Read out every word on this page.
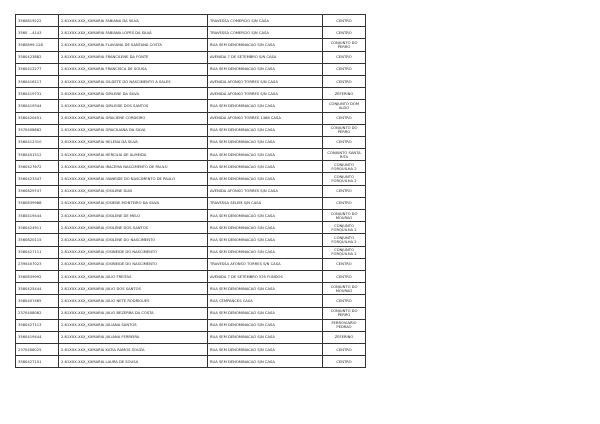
3560819222	2.61XXX.XXX_XXMARIA FABIANA DA SILVA	TRAVESSA COMERCIO S/N CASA	CENTRO
3560 ...4143	2.61XXX.XXX_XXMARIA FABIANA LOPES DA SILVA	TRAVESSA COMERCIO S/N CASA	CENTRO
3580899-128	2.61XXX.XXX_XXMARIA FLAVIANA DE SANTANA COSTA	RUA SEM DENOMINACAO S/N CASA	CONJUNTO DO PERRO
3580423882	2.61XXX.XXX_XXMARIA FRANCILENE DA FONTE	AVENIDA 7 DE SETEMBRO S/N CASA	CENTRO
3560412277	2.61XXX.XXX_XXMARIA FRANCISCA DE SOUSA	RUA SEM DENOMINACAO S/N CASA	CENTRO
3560416117	2.61XXX.XXX_XXMARIA GILDETE DO NASCIMENTO A SALES	AVENIDA AFONSO TORRES S/N CASA	CENTRO
3560419731	2.61XXX.XXX_XXMARIA GIRLENE DA SILVA	AVENIDA AFONSO TORRES S/N CASA	ZEFERINO
3560419344	2.61XXX.XXX_XXMARIA GIRLEIDE DOS SANTOS	RUA SEM DENOMINACAO S/N CASA	CONJUNTO DOM ALDO
3580420451	2.61XXX.XXX_XXMARIA GRACIENE CORDEIRO	AVENIDA AFONSO TORRES 1468 CASA	CENTRO
3570408662	2.61XXX.XXX_XXMARIA GRACILIANA DA SILVA	RUA SEM DENOMINACAO S/N CASA	CONJUNTO DO PERRO
3560412310	2.61XXX.XXX_XXMARIA HELENA DA SILVA	RUA SEM DENOMINACAO S/N CASA	CENTRO
3580451512	2.61XXX.XXX_XXMARIA HERCILIA DE ALMEIDA	RUA SEM DENOMINACAO S/N CASA	CONJUNTO SANTA RITA
3560427672	2.61XXX.XXX_XXMARIA IRACEMA NASCIMENTO DE PAULO	RUA SEM DENOMINACAO S/N CASA	CONJUNTO FORQUILHA 2
3560423347	2.61XXX.XXX_XXMARIA IVANEIDE DO NASCIMENTO DE PAULO	RUA SEM DENOMINACAO S/N CASA	CONJUNTO FORQUILHA 2
3560829747	2.61XXX.XXX_XXMARIA JOSILENE DIAS	AVENIDA AFONSO TORRES S/N CASA	CENTRO
3580839988	2.61XXX.XXX_XXMARIA JOSIENE MONTEIRO DA SILVA	TRAVESSA SELEM S/N CASA	CENTRO
3580419444	2.61XXX.XXX_XXMARIA JOSILENE DE MELO	RUA SEM DENOMINACAO S/N CASA	CONJUNTO DO MOURAO
3580424911	2.61XXX.XXX_XXMARIA JOSILENE DOS SANTOS	RUA SEM DENOMINACAO S/N CASA	CONJUNTO FORQUILHA 2
3560820115	2.61XXX.XXX_XXMARIA JOSILENE DO NASCIMENTO	RUA SEM DENOMINACAO S/N CASA	CONJUNTO FORQUILHA 2
3580427111	2.61XXX.XXX_XXMARIA JOSINEIDE DO NASCIMENTO	RUA SEM DENOMINACAO S/N CASA	CONJUNTO FORQUILHA 2
2390407023	2.61XXX.XXX_XXMARIA JOSINEIDE DO NASCIMENTO	TRAVESSA AFONSO TORRES S/N CASA	CENTRO
3560839992	2.61XXX.XXX_XXMARIA JULIO FREITAS	AVENIDA 7 DE SETEMBRO 535 FUNDOS	CENTRO
3580425444	2.61XXX.XXX_XXMARIA JULIO DOS SANTOS	RUA SEM DENOMINACAO S/N CASA	CONJUNTO DO MOURAO
3580407465	2.61XXX.XXX_XXMARIA JULIO NETE RODRIGUES	RUA CEMPANCES CASA	CENTRO
2370408062	2.61XXX.XXX_XXMARIA JULIO BEZERRA DA COSTA	RUA SEM DENOMINACAO S/N CASA	CONJUNTO DO PERRO
3580427113	2.61XXX.XXX_XXMARIA JULIANA SANTOS	RUA SEM DENOMINACAO S/N CASA	FERROVIARIO PEDRAO
3560419444	2.61XXX.XXX_XXMARIA JULIANA FERREIRA	RUA SEM DENOMINACAO S/N CASA	ZEFERINO
2370408025	2.61XXX.XXX_XXMARIA KATIA RAMOS SOUZA	RUA SEM DENOMINACAO S/N CASA	CENTRO
3580427101	2.61XXX.XXX_XXMARIA LAURA DE SOUSA	RUA SEM DENOMINACAO S/N CASA	CENTRO
